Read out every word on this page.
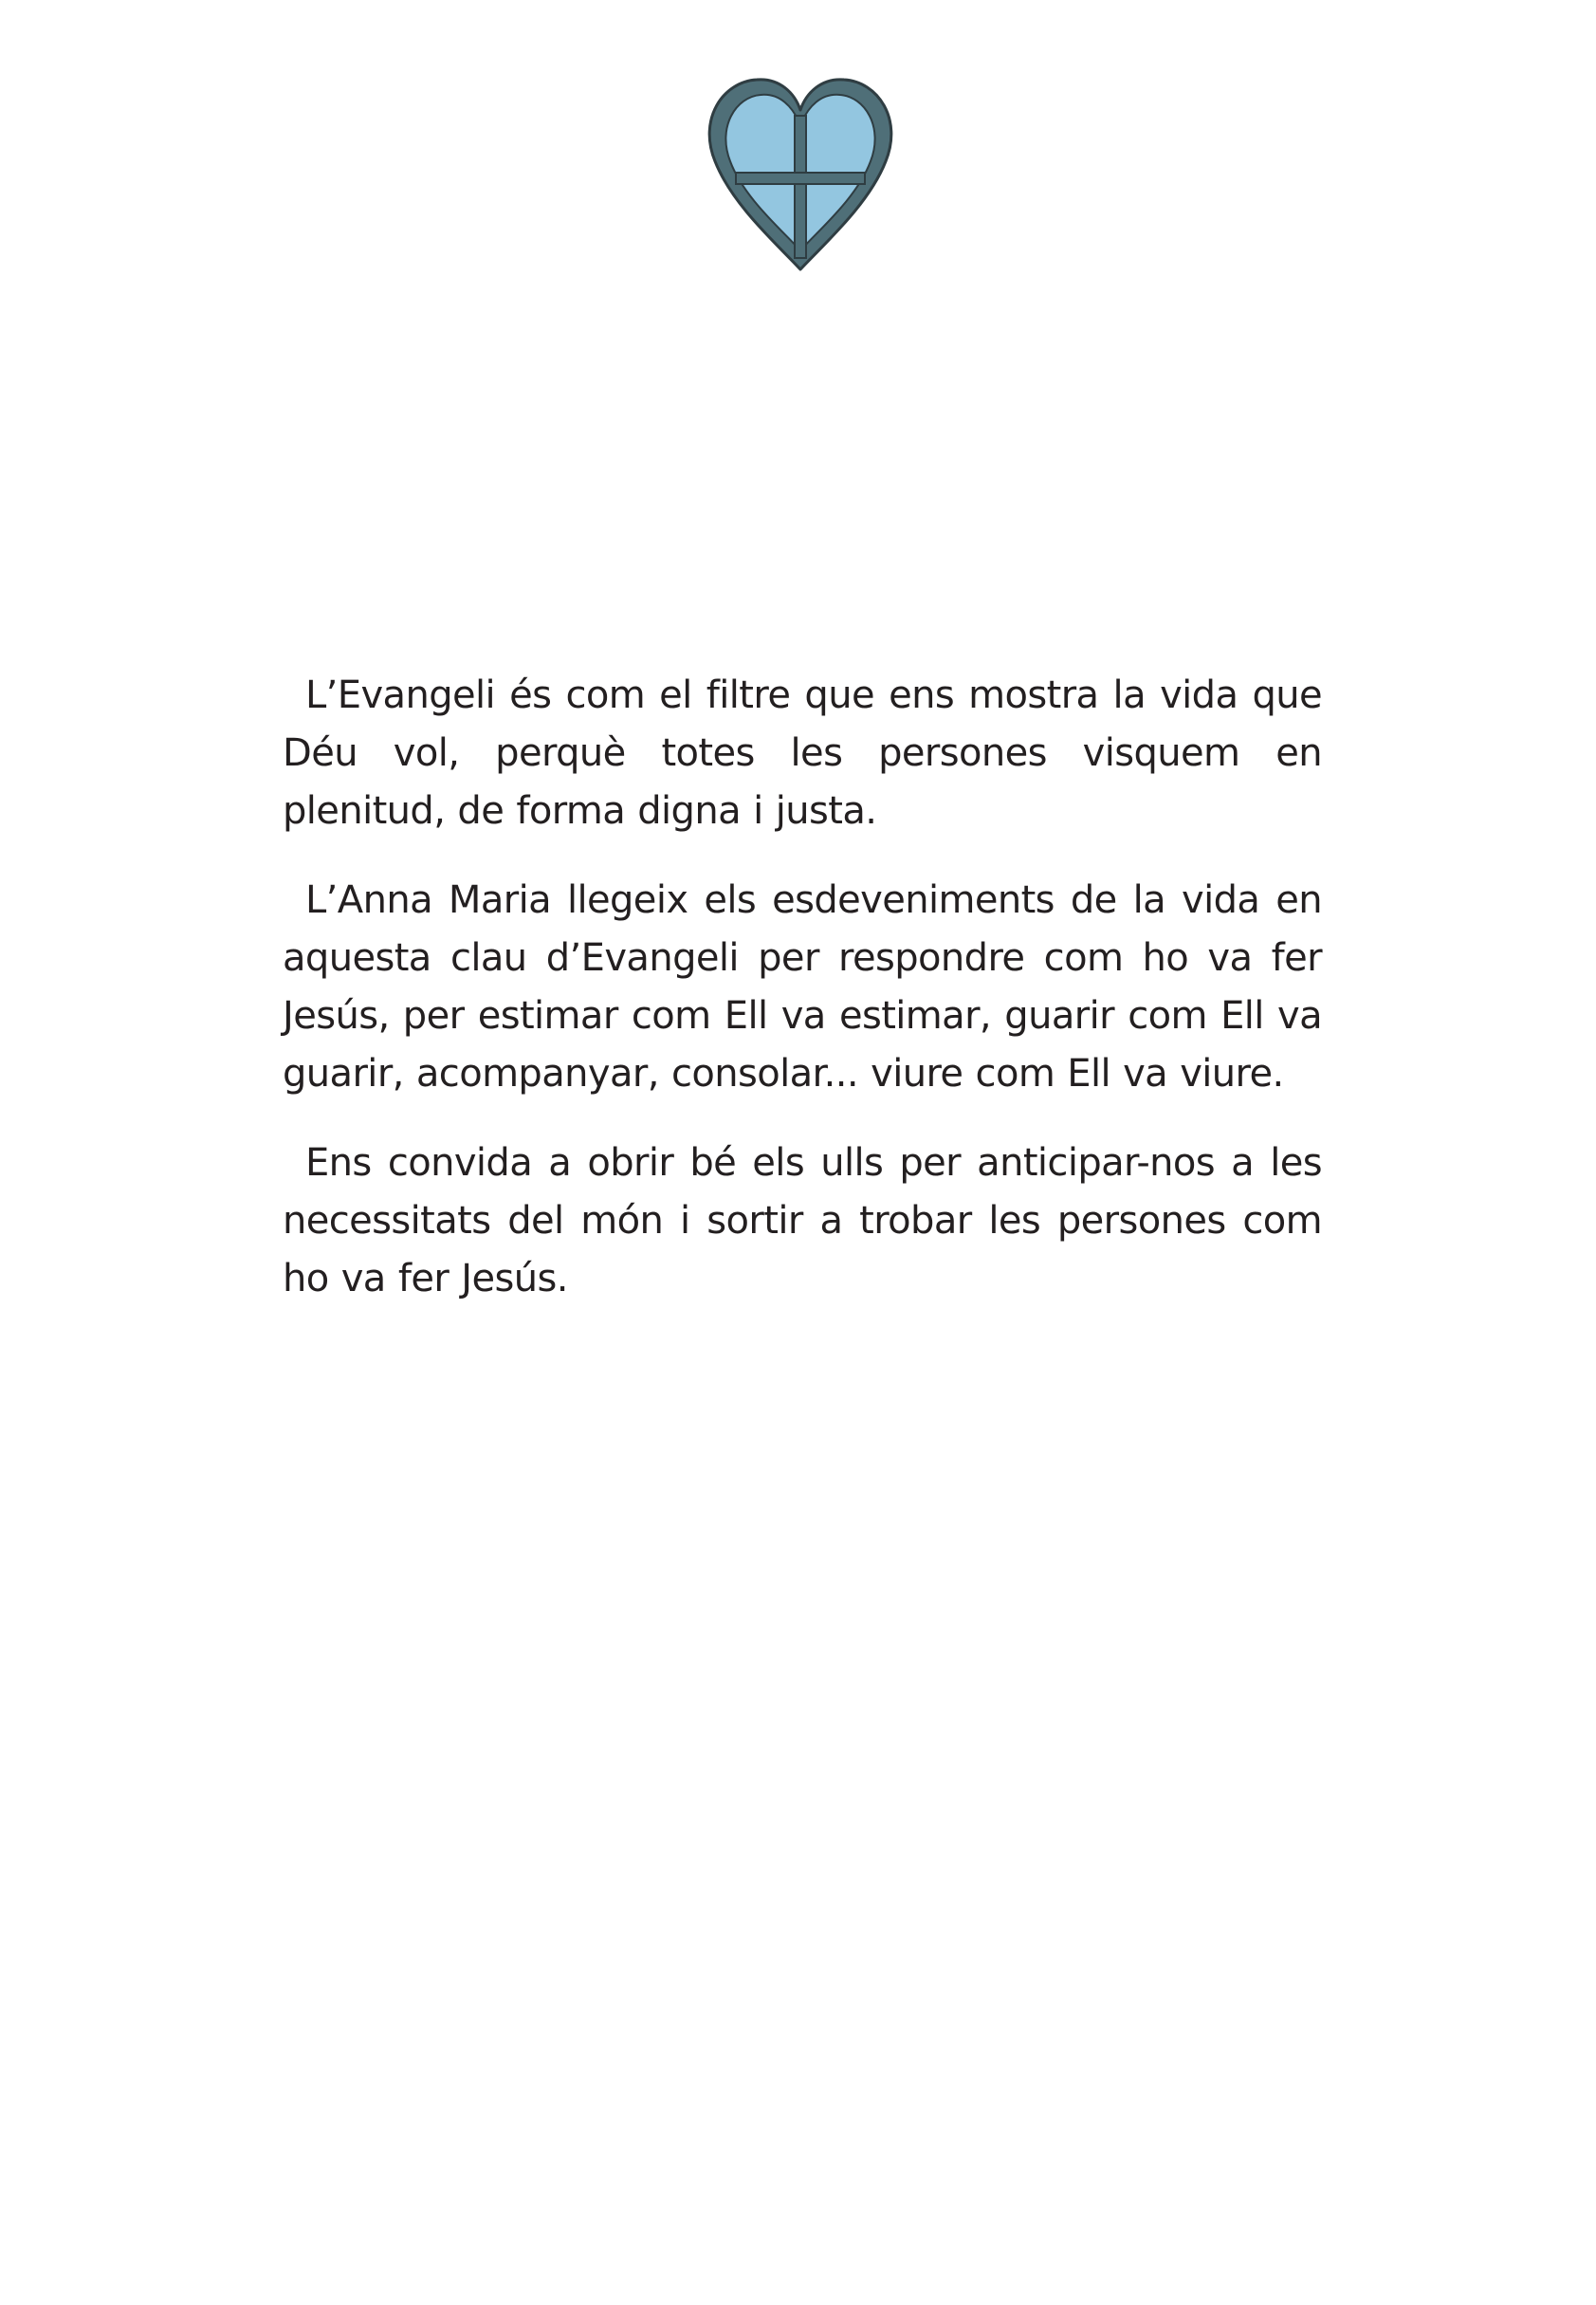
L’Evangeli és com el filtre que ens mostra la vida que Déu vol, perquè totes les persones visquem en plenitud, de forma digna i justa.

L’Anna Maria llegeix els esdeveniments de la vida en aquesta clau d’Evangeli per respondre com ho va fer Jesús, per estimar com Ell va estimar, guarir com Ell va guarir, acompanyar, consolar... viure com Ell va viure.

Ens convida a obrir bé els ulls per anticipar-nos a les necessitats del món i sortir a trobar les persones com ho va fer Jesús.
